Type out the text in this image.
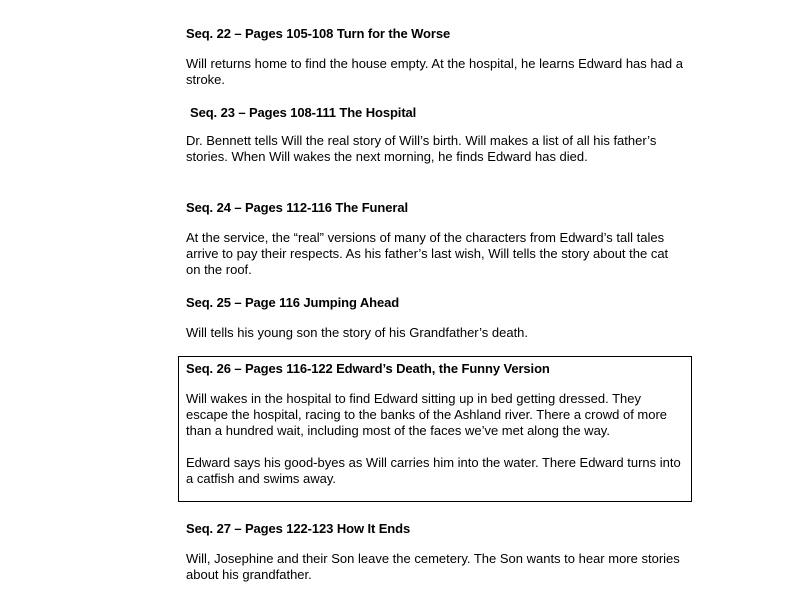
Seq. 22 – Pages 105-108 Turn for the Worse
Will returns home to find the house empty. At the hospital, he learns Edward has had a stroke.
Seq. 23 – Pages 108-111 The Hospital
Dr. Bennett tells Will the real story of Will’s birth. Will makes a list of all his father’s stories. When Will wakes the next morning, he finds Edward has died.
Seq. 24 – Pages 112-116 The Funeral
At the service, the “real” versions of many of the characters from Edward’s tall tales arrive to pay their respects. As his father’s last wish, Will tells the story about the cat on the roof.
Seq. 25 – Page 116 Jumping Ahead
Will tells his young son the story of his Grandfather’s death.
Seq. 26 – Pages 116-122 Edward’s Death, the Funny Version
Will wakes in the hospital to find Edward sitting up in bed getting dressed. They escape the hospital, racing to the banks of the Ashland river. There a crowd of more than a hundred wait, including most of the faces we’ve met along the way.
Edward says his good-byes as Will carries him into the water. There Edward turns into a catfish and swims away.
Seq. 27 – Pages 122-123 How It Ends
Will, Josephine and their Son leave the cemetery. The Son wants to hear more stories about his grandfather.
